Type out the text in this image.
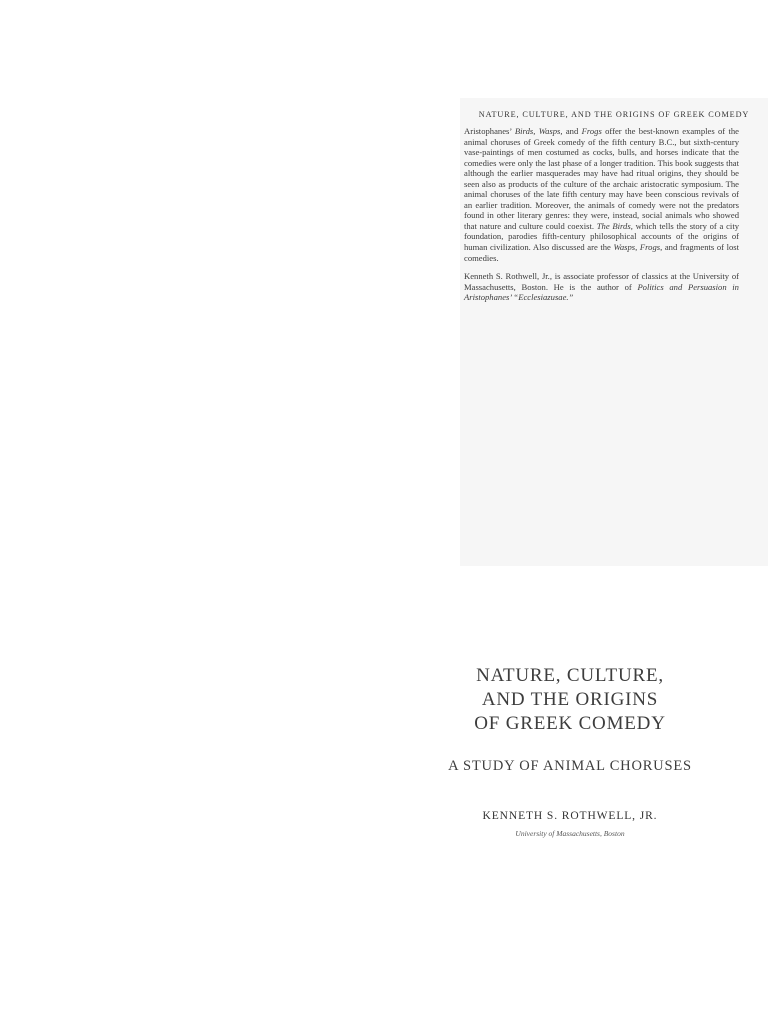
NATURE, CULTURE, AND THE ORIGINS OF GREEK COMEDY

Aristophanes’ Birds, Wasps, and Frogs offer the best-known examples of the animal choruses of Greek comedy of the fifth century B.C., but sixth-century vase-paintings of men costumed as cocks, bulls, and horses indicate that the comedies were only the last phase of a longer tradition. This book suggests that although the earlier masquerades may have had ritual origins, they should be seen also as products of the culture of the archaic aristocratic symposium. The animal choruses of the late fifth century may have been conscious revivals of an earlier tradition. Moreover, the animals of comedy were not the predators found in other literary genres: they were, instead, social animals who showed that nature and culture could coexist. The Birds, which tells the story of a city foundation, parodies fifth-century philosophical accounts of the origins of human civilization. Also discussed are the Wasps, Frogs, and fragments of lost comedies.

Kenneth S. Rothwell, Jr., is associate professor of classics at the University of Massachusetts, Boston. He is the author of Politics and Persuasion in Aristophanes’ “Ecclesiazusae.”

NATURE, CULTURE,
AND THE ORIGINS
OF GREEK COMEDY
A STUDY OF ANIMAL CHORUSES
KENNETH S. ROTHWELL, JR.
University of Massachusetts, Boston
